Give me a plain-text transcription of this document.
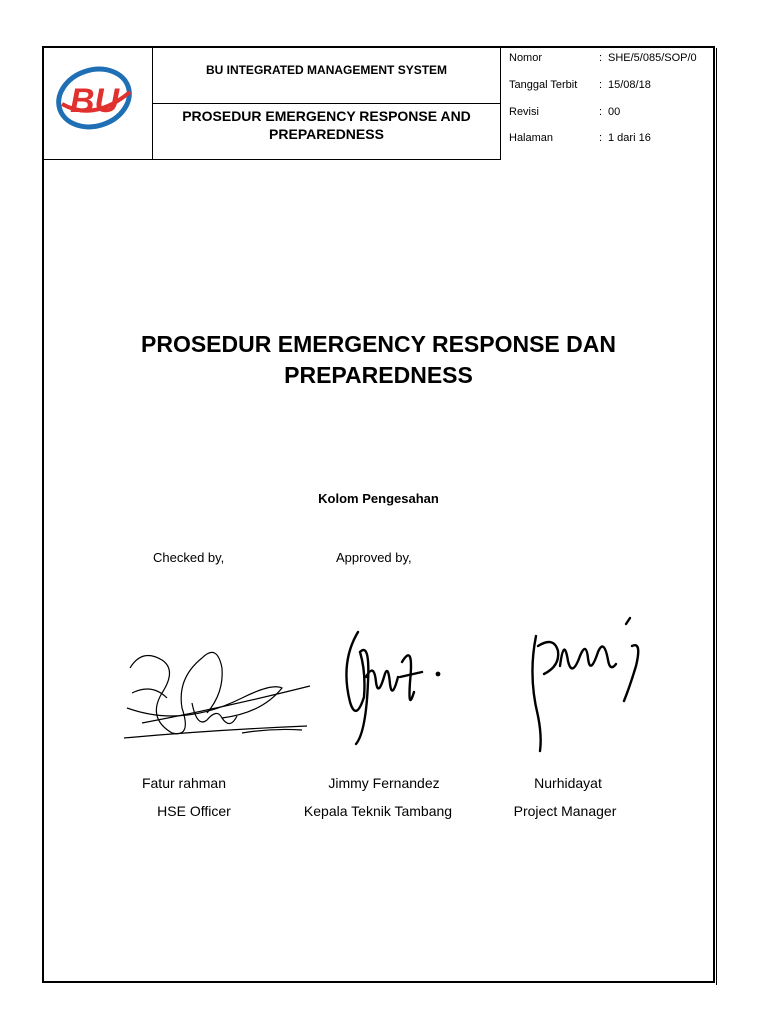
BU
BU INTEGRATED MANAGEMENT SYSTEM
PROSEDUR EMERGENCY RESPONSE AND
PREPAREDNESS
Nomor	: SHE/5/085/SOP/0
Tanggal Terbit : 15/08/18
Revisi	: 00
Halaman	: 1 dari 16
PROSEDUR EMERGENCY RESPONSE DAN
PREPAREDNESS
Kolom Pengesahan
Checked by,	Approved by,
Fatur rahman	Jimmy Fernandez	Nurhidayat
HSE Officer	Kepala Teknik Tambang	Project Manager
